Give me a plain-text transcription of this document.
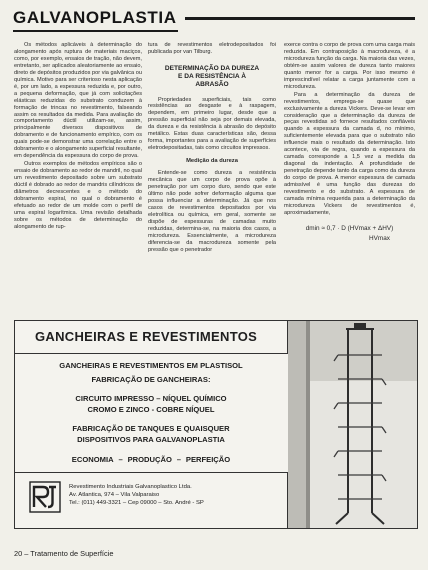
GALVANOPLASTIA

Os métodos aplicáveis à determinação do alongamento após ruptura de materiais maciços, como, por exemplo, ensaios de tração, não devem, entretanto, ser aplicados aleatoriamente ao ensaio, direto de depósitos produzidos por via galvânica ou química. Motivo para ser criterioso nesta aplicação é, por um lado, a espessura reduzida e, por outro, a pequena deformação, que já com solicitações elásticas reduzidas do substrato conduzem à formação de trincas no revestimento, falseando assim os resultados da medida. Para avaliação do comportamento dúctil utilizam-se, assim, principalmente diversos dispositivos de dobramento e de funcionamento empírico, com os quais pode-se demonstrar uma correlação entre o dobramento e o alongamento superficial resultante, em dependência da espessura do corpo de prova.

Outros exemplos de métodos empíricos são o ensaio de dobramento ao redor de mandril, no qual um revestimento depositado sobre um substrato dúctil é dobrado ao redor de mandris cilíndricos de diâmetros decrescentes e o método do dobramento espiral, no qual o dobramento é efetuado ao redor de um molde com o perfil de uma espiral logarítmica. Uma revisão detalhada sobre os métodos de determinação do alongamento de rup-

tura de revestimentos eletrodepositados foi publicada por van Tilburg.

DETERMINAÇÃO DA DUREZA
E DA RESISTÊNCIA À
ABRASÃO

Propriedades superficiais, tais como resistências ao desgaste e à raspagem, dependem, em primeiro lugar, desde que a pressão superficial não seja por demais elevada, da dureza e da resistência à abrasão do depósito metálico. Estas duas características são, dessa forma, importantes para a avaliação de superfícies eletrodepositadas, tais como circuitos impressos.

Medição da dureza

Entende-se como dureza a resistência mecânica que um corpo de prova opõe à penetração por um corpo duro, sendo que este último não pode sofrer deformação alguma que possa influenciar a determinação. Já que nos casos de revestimentos depositados por via eletrolítica ou química, em geral, somente se dispõe de espessuras de camadas muito reduzidas, determina-se, na maioria dos casos, a microdureza. Essencialmente, a microdureza diferencia-se da macrodureza somente pela pressão que o penetrador

exerce contra o corpo de prova com uma carga mais reduzida. Em contraposição à macrodureza, é a microdureza função da carga. Na maioria das vezes, obtém-se assim valores de dureza tanto maiores quanto menor for a carga. Por isso mesmo é imprescindível relatar a carga juntamente com a microdureza.

Para a determinação da dureza de revestimentos, emprega-se quase que exclusivamente a dureza Vickers. Deve-se levar em consideração que a determinação da dureza de peças revestidas só fornece resultados confiáveis quando a espessura da camada d, no mínimo, suficientemente elevada para que o substrato não influencie mais o resultado da determinação. Isto acontece, via de regra, quando a espessura da camada corresponde a 1,5 vez a medida da diagonal da indentação. A profundidade de penetração depende tanto da carga como da dureza do corpo de prova. A menor espessura de camada admissível é uma função das durezas do revestimento e do substrato. A espessura de camada mínima requerida para a determinação da microdureza Vickers de revestimentos é, aproximadamente,

dmin ≈ 0,7 · D (HVmax + ΔHV)
HVmax
GANCHEIRAS E REVESTIMENTOS
GANCHEIRAS E REVESTIMENTOS EM PLASTISOL
FABRICAÇÃO DE GANCHEIRAS:
CIRCUITO IMPRESSO – NÍQUEL QUÍMICO
CROMO E ZINCO - COBRE NÍQUEL
FABRICAÇÃO DE TANQUES E QUAISQUER
DISPOSITIVOS PARA GALVANOPLASTIA
ECONOMIA–PRODUÇÃO–PERFEIÇÃO
Revestimento Industriais Galvanoplastico Ltda.
Av. Atlantica, 974 – Vila Valparaiso
Tel.: (011) 449-3321 – Cep 09000 – Sto. André - SP
20 – Tratamento de Superfície
